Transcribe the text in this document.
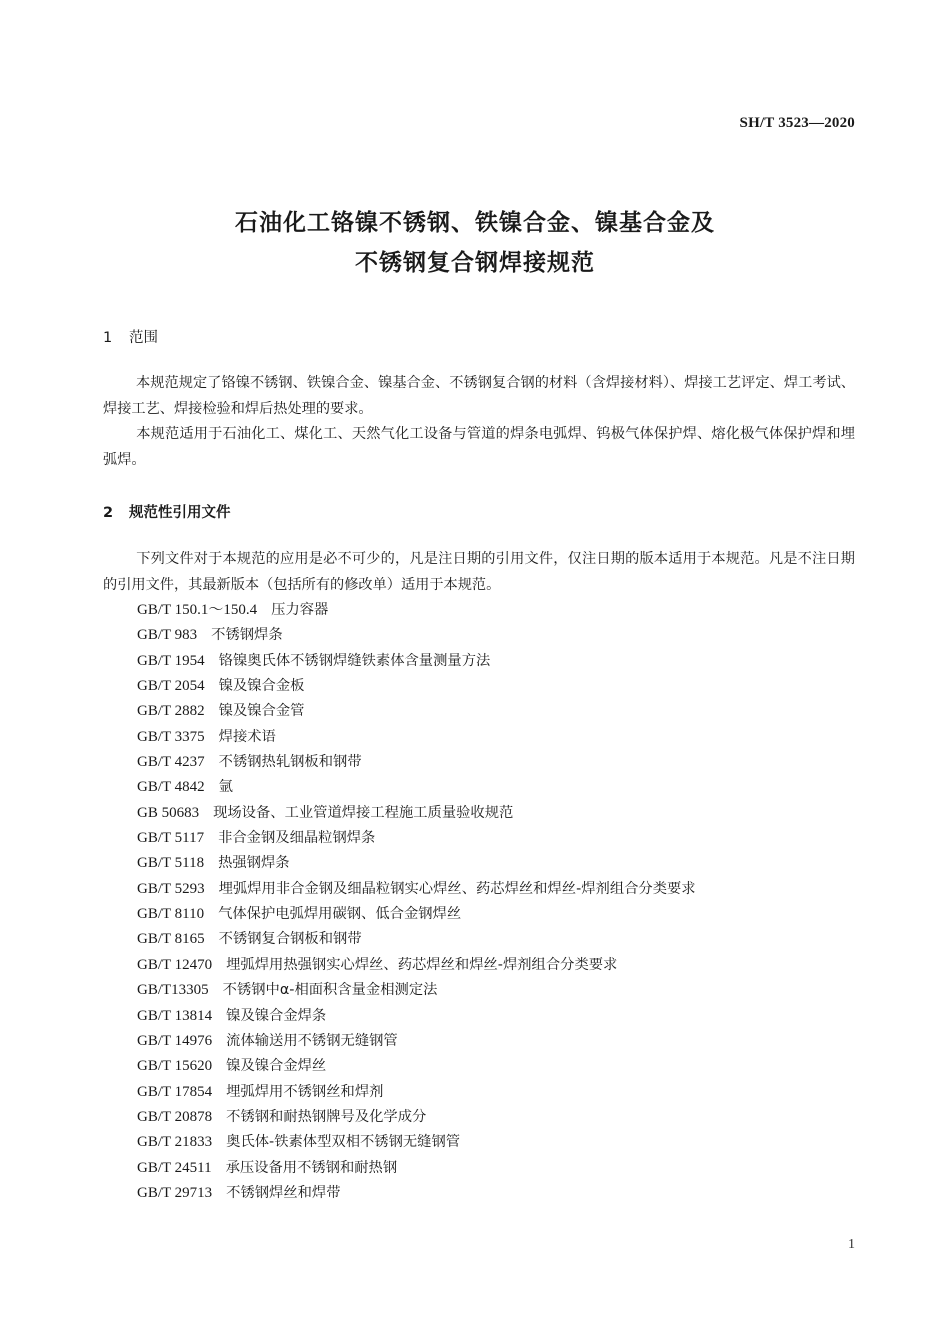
SH/T 3523—2020
石油化工铬镍不锈钢、铁镍合金、镍基合金及
不锈钢复合钢焊接规范
1 范围
本规范规定了铬镍不锈钢、铁镍合金、镍基合金、不锈钢复合钢的材料（含焊接材料）、焊接工艺评定、焊工考试、焊接工艺、焊接检验和焊后热处理的要求。
本规范适用于石油化工、煤化工、天然气化工设备与管道的焊条电弧焊、钨极气体保护焊、熔化极气体保护焊和埋弧焊。
2 规范性引用文件
下列文件对于本规范的应用是必不可少的，凡是注日期的引用文件，仅注日期的版本适用于本规范。凡是不注日期的引用文件，其最新版本（包括所有的修改单）适用于本规范。
GB/T 150.1～150.4 压力容器
GB/T 983 不锈钢焊条
GB/T 1954 铬镍奥氏体不锈钢焊缝铁素体含量测量方法
GB/T 2054 镍及镍合金板
GB/T 2882 镍及镍合金管
GB/T 3375 焊接术语
GB/T 4237 不锈钢热轧钢板和钢带
GB/T 4842 氩
GB 50683 现场设备、工业管道焊接工程施工质量验收规范
GB/T 5117 非合金钢及细晶粒钢焊条
GB/T 5118 热强钢焊条
GB/T 5293 埋弧焊用非合金钢及细晶粒钢实心焊丝、药芯焊丝和焊丝-焊剂组合分类要求
GB/T 8110 气体保护电弧焊用碳钢、低合金钢焊丝
GB/T 8165 不锈钢复合钢板和钢带
GB/T 12470 埋弧焊用热强钢实心焊丝、药芯焊丝和焊丝-焊剂组合分类要求
GB/T13305 不锈钢中α-相面积含量金相测定法
GB/T 13814 镍及镍合金焊条
GB/T 14976 流体输送用不锈钢无缝钢管
GB/T 15620 镍及镍合金焊丝
GB/T 17854 埋弧焊用不锈钢丝和焊剂
GB/T 20878 不锈钢和耐热钢牌号及化学成分
GB/T 21833 奥氏体-铁素体型双相不锈钢无缝钢管
GB/T 24511 承压设备用不锈钢和耐热钢
GB/T 29713 不锈钢焊丝和焊带
1
